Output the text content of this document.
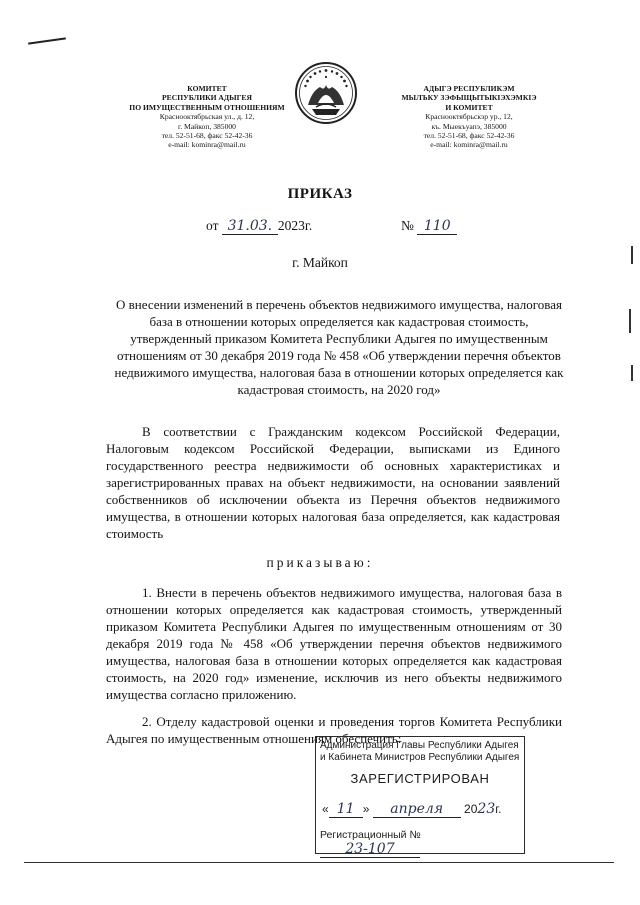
КОМИТЕТ
РЕСПУБЛИКИ АДЫГЕЯ
ПО ИМУЩЕСТВЕННЫМ ОТНОШЕНИЯМ
Краснооктябрьская ул., д. 12,
г. Майкоп, 385000
тел. 52-51-68, факс 52-42-36
e-mail: kominra@mail.ru
АДЫГЭ РЕСПУБЛИКЭМ
МЫЛЪКУ ЗЭФЫЩЫТЫКІЭХЭМКІЭ
И КОМИТЕТ
Краснооктябрьскэр ур., 12,
къ. Мыекъуапэ, 385000
тел. 52-51-68, факс 52-42-36
e-mail: kominra@mail.ru
ПРИКАЗ
от 31.03. 2023г.	№ 110
г. Майкоп
О внесении изменений в перечень объектов недвижимого имущества, налоговая база в отношении которых определяется как кадастровая стоимость, утвержденный приказом Комитета Республики Адыгея по имущественным отношениям от 30 декабря 2019 года № 458 «Об утверждении перечня объектов недвижимого имущества, налоговая база в отношении которых определяется как кадастровая стоимость, на 2020 год»

В соответствии с Гражданским кодексом Российской Федерации, Налоговым кодексом Российской Федерации, выписками из Единого государственного реестра недвижимости об основных характеристиках и зарегистрированных правах на объект недвижимости, на основании заявлений собственников об исключении объекта из Перечня объектов недвижимого имущества, в отношении которых налоговая база определяется, как кадастровая стоимость

приказываю:

1. Внести в перечень объектов недвижимого имущества, налоговая база в отношении которых определяется как кадастровая стоимость, утвержденный приказом Комитета Республики Адыгея по имущественным отношениям от 30 декабря 2019 года № 458 «Об утверждении перечня объектов недвижимого имущества, налоговая база в отношении которых определяется как кадастровая стоимость, на 2020 год» изменение, исключив из него объекты недвижимого имущества согласно приложению.

2. Отделу кадастровой оценки и проведения торгов Комитета Республики Адыгея по имущественным отношениям обеспечить:

Администрация Главы Республики Адыгея
и Кабинета Министров Республики Адыгея
ЗАРЕГИСТРИРОВАН
« 11 » апреля 2023г.
Регистрационный № 23-107
